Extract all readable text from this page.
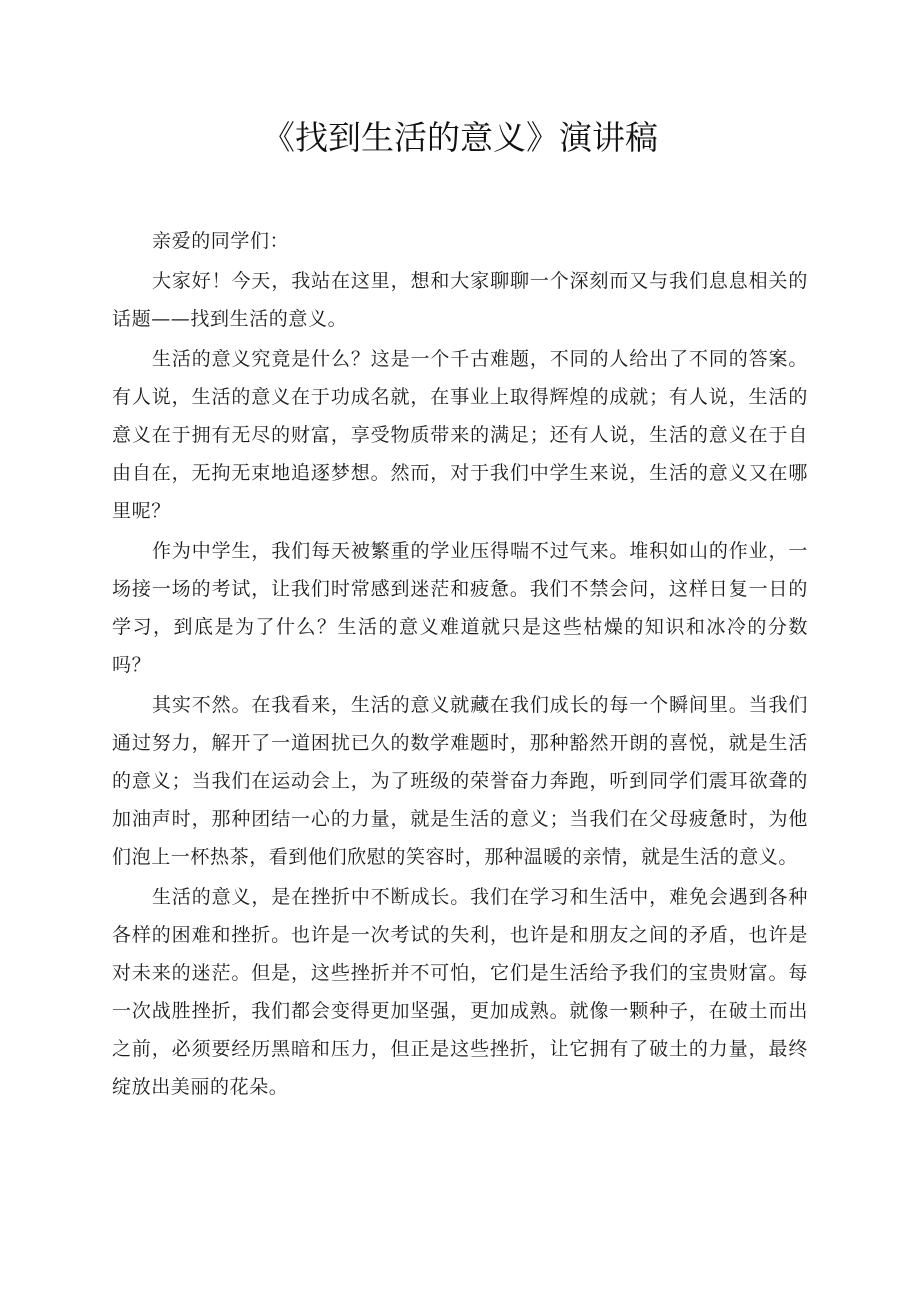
《找到生活的意义》演讲稿

亲爱的同学们：

大家好！今天，我站在这里，想和大家聊聊一个深刻而又与我们息息相关的话题——找到生活的意义。

生活的意义究竟是什么？这是一个千古难题，不同的人给出了不同的答案。有人说，生活的意义在于功成名就，在事业上取得辉煌的成就；有人说，生活的意义在于拥有无尽的财富，享受物质带来的满足；还有人说，生活的意义在于自由自在，无拘无束地追逐梦想。然而，对于我们中学生来说，生活的意义又在哪里呢？

作为中学生，我们每天被繁重的学业压得喘不过气来。堆积如山的作业，一场接一场的考试，让我们时常感到迷茫和疲惫。我们不禁会问，这样日复一日的学习，到底是为了什么？生活的意义难道就只是这些枯燥的知识和冰冷的分数吗？

其实不然。在我看来，生活的意义就藏在我们成长的每一个瞬间里。当我们通过努力，解开了一道困扰已久的数学难题时，那种豁然开朗的喜悦，就是生活的意义；当我们在运动会上，为了班级的荣誉奋力奔跑，听到同学们震耳欲聋的加油声时，那种团结一心的力量，就是生活的意义；当我们在父母疲惫时，为他们泡上一杯热茶，看到他们欣慰的笑容时，那种温暖的亲情，就是生活的意义。

生活的意义，是在挫折中不断成长。我们在学习和生活中，难免会遇到各种各样的困难和挫折。也许是一次考试的失利，也许是和朋友之间的矛盾，也许是对未来的迷茫。但是，这些挫折并不可怕，它们是生活给予我们的宝贵财富。每一次战胜挫折，我们都会变得更加坚强，更加成熟。就像一颗种子，在破土而出之前，必须要经历黑暗和压力，但正是这些挫折，让它拥有了破土的力量，最终绽放出美丽的花朵。
